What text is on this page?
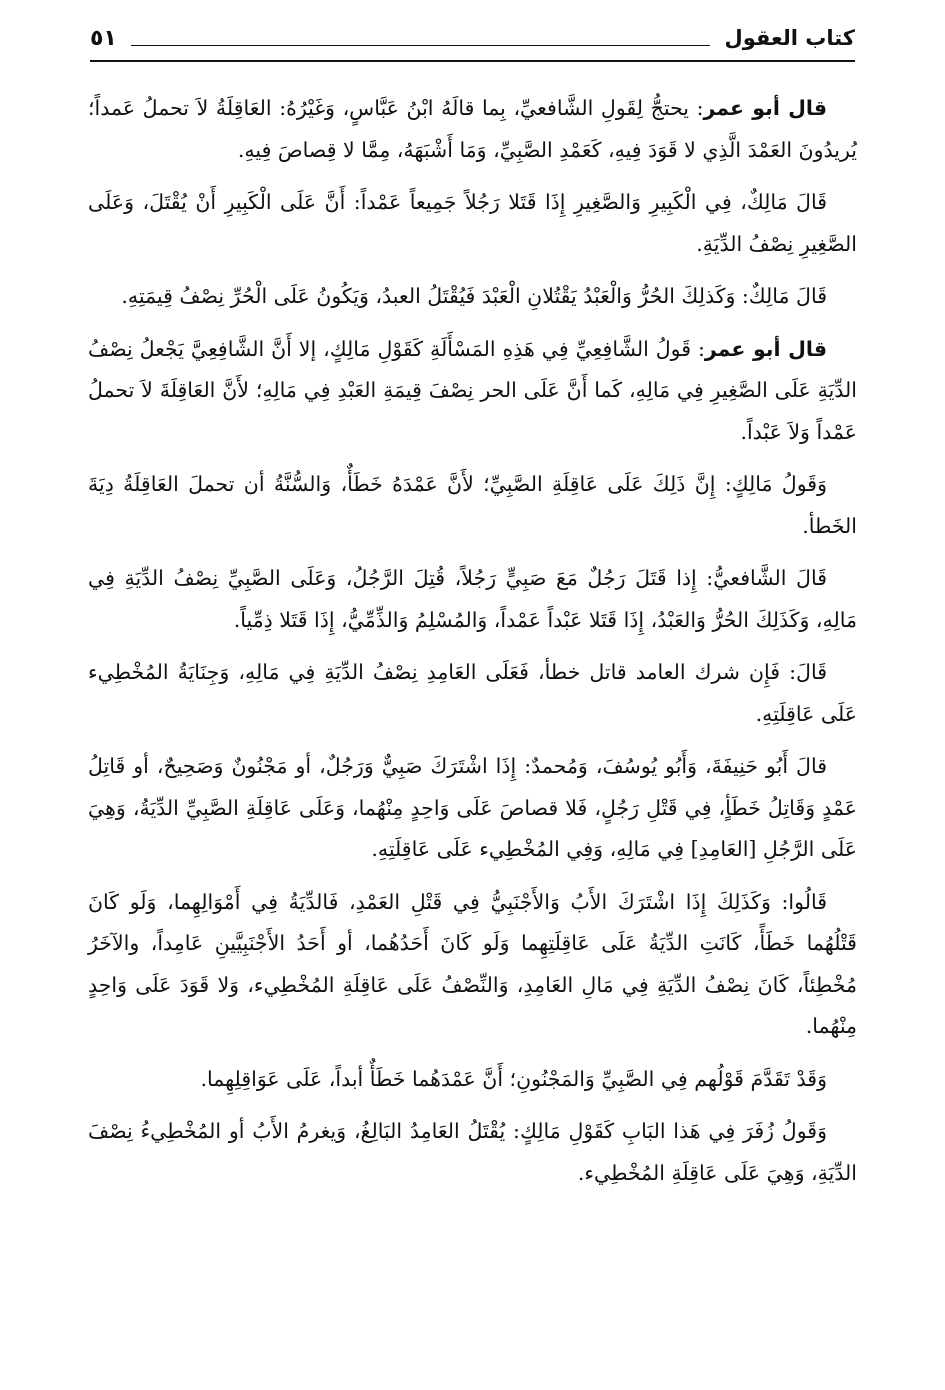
كتاب العقول
٥١

قال أبو عمر: يحتجُّ لِقَولِ الشَّافعيِّ، بِما قالَهُ ابْنُ عَبَّاسٍ، وَغَيْرُهُ: العَاقِلَةُ لاَ تحملُ عَمداً؛ يُريدُونَ العَمْدَ الَّذِي لا قَوَدَ فِيهِ، كَعَمْدِ الصَّبِيِّ، وَمَا أَشْبَهَهُ، مِمَّا لا قِصاصَ فِيهِ.

قَالَ مَالِكٌ، فِي الْكَبِيرِ وَالصَّغِيرِ إِذَا قَتَلا رَجُلاً جَمِيعاً عَمْداً: أَنَّ عَلَى الْكَبِيرِ أَنْ يُقْتَلَ، وَعَلَى الصَّغِيرِ نِصْفُ الدِّيَةِ.

قَالَ مَالِكٌ: وَكَذلِكَ الحُرُّ وَالْعَبْدُ يَقْتُلانِ الْعَبْدَ فَيُقْتَلُ العبدُ، وَيَكُونُ عَلَى الْحُرِّ نِصْفُ قِيمَتِهِ.

قال أبو عمر: قَولُ الشَّافِعِيِّ فِي هَذِهِ المَسْأَلَةِ كَقَوْلِ مَالِكٍ، إلا أَنَّ الشَّافِعِيَّ يَجْعلُ نِصْفُ الدِّيَةِ عَلَى الصَّغِيرِ فِي مَالِهِ، كَما أَنَّ عَلَى الحر نِصْفَ قِيمَةِ العَبْدِ فِي مَالِهِ؛ لأَنَّ العَاقِلَةَ لاَ تحملُ عَمْداً وَلاَ عَبْداً.

وَقَولُ مَالِكٍ: إِنَّ ذَلِكَ عَلَى عَاقِلَةِ الصَّبِيِّ؛ لأَنَّ عَمْدَهُ خَطَأٌ، وَالسُّنَّةُ أن تحملَ العَاقِلَةُ دِيَةَ الخَطأ.

قَالَ الشَّافعيُّ: إِذا قَتَلَ رَجُلٌ مَعَ صَبِيٍّ رَجُلاً، قُتِلَ الرَّجُلُ، وَعَلَى الصَّبِيِّ نِصْفُ الدِّيَةِ فِي مَالِهِ، وَكَذَلِكَ الحُرُّ وَالعَبْدُ، إِذَا قَتَلا عَبْداً عَمْداً، وَالمُسْلِمُ وَالذِّمِّيُّ، إِذَا قَتَلا ذِمِّياً.

قَالَ: فَإِن شرك العامد قاتل خطأ، فَعَلَى العَامِدِ نِصْفُ الدِّيَةِ فِي مَالِهِ، وَجِنَايَةُ المُخْطِيء عَلَى عَاقِلَتِهِ.

قالَ أَبُو حَنِيفَةَ، وَأَبُو يُوسُفَ، وَمُحمدٌ: إِذَا اشْتَرَكَ صَبِيٌّ وَرَجُلٌ، أو مَجْنُونٌ وَصَحِيحٌ، أو قَاتِلُ عَمْدٍ وَقَاتِلُ خَطَأٍ، فِي قَتْلِ رَجُلٍ، فَلا قصاصَ عَلَى وَاحِدٍ مِنْهُما، وَعَلَى عَاقِلَةِ الصَّبِيِّ الدِّيَةُ، وَهِيَ عَلَى الرَّجُلِ [العَامِدِ] فِي مَالِهِ، وَفِي المُخْطِيء عَلَى عَاقِلَتِهِ.

قَالُوا: وَكَذَلِكَ إِذَا اشْتَرَكَ الأَبُ وَالأَجْنَبِيُّ فِي قَتْلِ العَمْدِ، فَالدِّيَةُ فِي أَمْوَالِهِما، وَلَو كَانَ قَتْلُهُما خَطَأً، كَانَتِ الدِّيَةُ عَلَى عَاقِلَتِهِما وَلَو كَانَ أَحَدُهُما، أو أَحَدُ الأَجْنَبِيَّينِ عَامِداً، والآخَرُ مُخْطِئاً، كَانَ نِصْفُ الدِّيَةِ فِي مَالِ العَامِدِ، وَالنِّصْفُ عَلَى عَاقِلَةِ المُخْطِيء، وَلا قَوَدَ عَلَى وَاحِدٍ مِنْهُما.

وَقَدْ تَقَدَّمَ قَوْلُهم فِي الصَّبِيِّ وَالمَجْنُونِ؛ أَنَّ عَمْدَهُما خَطَأٌ أبداً، عَلَى عَوَاقِلِهِما.

وَقَولُ زُفَرَ فِي هَذا البَابِ كَقَوْلِ مَالِكٍ: يُقْتَلُ العَامِدُ البَالِغُ، وَيغرمُ الأَبُ أو المُخْطِيءُ نِصْفَ الدِّيَةِ، وَهِيَ عَلَى عَاقِلَةِ المُخْطِيء.
